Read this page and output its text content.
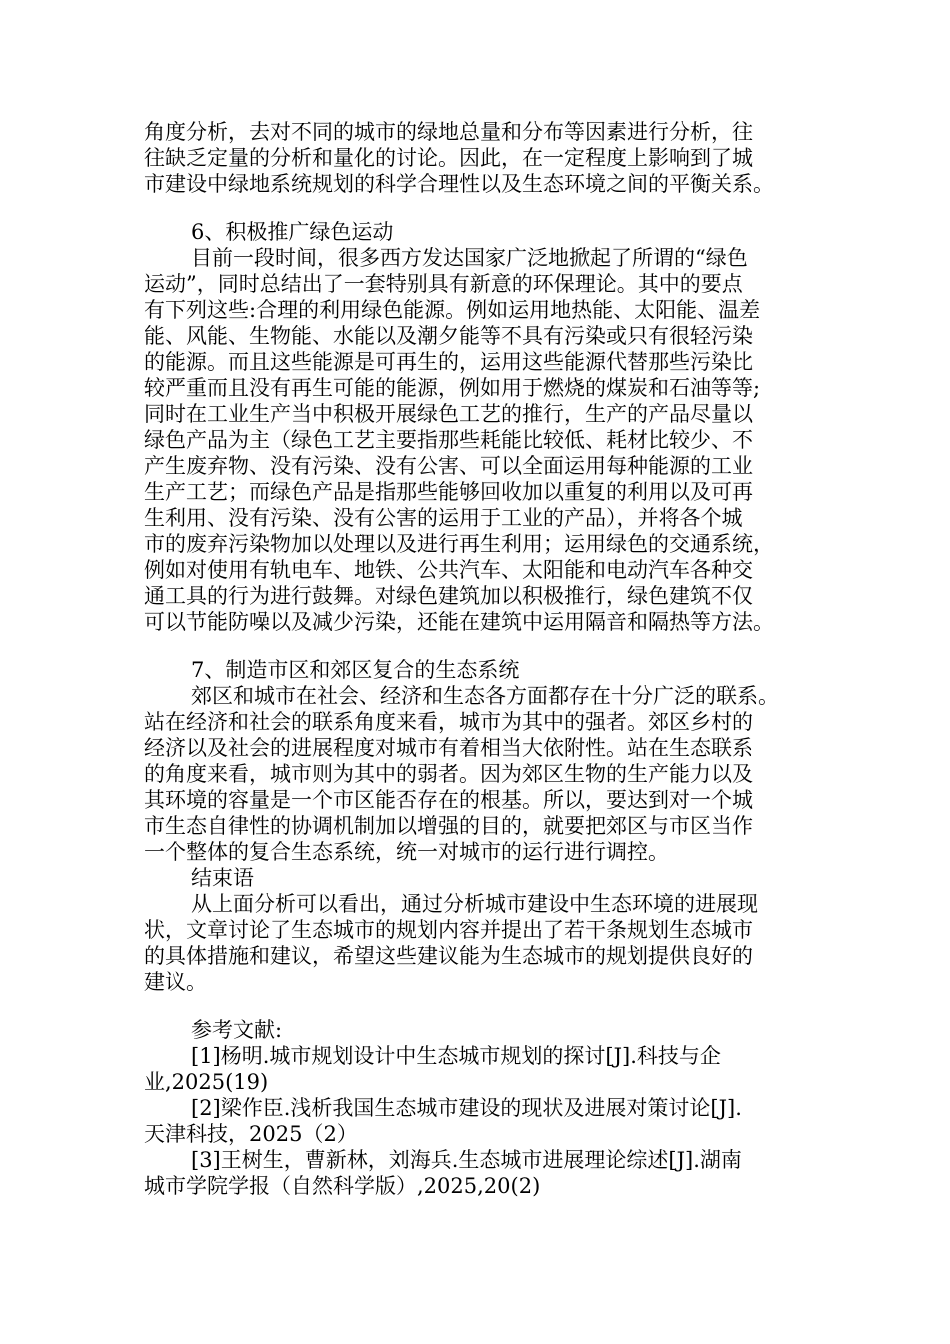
角度分析，去对不同的城市的绿地总量和分布等因素进行分析，往
往缺乏定量的分析和量化的讨论。因此，在一定程度上影响到了城
市建设中绿地系统规划的科学合理性以及生态环境之间的平衡关系。
6、积极推广绿色运动
目前一段时间，很多西方发达国家广泛地掀起了所谓的“绿色
运动”，同时总结出了一套特别具有新意的环保理论。其中的要点
有下列这些:合理的利用绿色能源。例如运用地热能、太阳能、温差
能、风能、生物能、水能以及潮夕能等不具有污染或只有很轻污染
的能源。而且这些能源是可再生的，运用这些能源代替那些污染比
较严重而且没有再生可能的能源，例如用于燃烧的煤炭和石油等等;
同时在工业生产当中积极开展绿色工艺的推行，生产的产品尽量以
绿色产品为主（绿色工艺主要指那些耗能比较低、耗材比较少、不
产生废弃物、没有污染、没有公害、可以全面运用每种能源的工业
生产工艺；而绿色产品是指那些能够回收加以重复的利用以及可再
生利用、没有污染、没有公害的运用于工业的产品），并将各个城
市的废弃污染物加以处理以及进行再生利用；运用绿色的交通系统，
例如对使用有轨电车、地铁、公共汽车、太阳能和电动汽车各种交
通工具的行为进行鼓舞。对绿色建筑加以积极推行，绿色建筑不仅
可以节能防噪以及减少污染，还能在建筑中运用隔音和隔热等方法。
7、制造市区和郊区复合的生态系统
郊区和城市在社会、经济和生态各方面都存在十分广泛的联系。
站在经济和社会的联系角度来看，城市为其中的强者。郊区乡村的
经济以及社会的进展程度对城市有着相当大依附性。站在生态联系
的角度来看，城市则为其中的弱者。因为郊区生物的生产能力以及
其环境的容量是一个市区能否存在的根基。所以，要达到对一个城
市生态自律性的协调机制加以增强的目的，就要把郊区与市区当作
一个整体的复合生态系统，统一对城市的运行进行调控。
结束语
从上面分析可以看出，通过分析城市建设中生态环境的进展现
状，文章讨论了生态城市的规划内容并提出了若干条规划生态城市
的具体措施和建议，希望这些建议能为生态城市的规划提供良好的
建议。
参考文献:
[1]杨明.城市规划设计中生态城市规划的探讨[J].科技与企
业,2025(19)
[2]梁作臣.浅析我国生态城市建设的现状及进展对策讨论[J].
天津科技，2025（2）
[3]王树生，曹新林，刘海兵.生态城市进展理论综述[J].湖南
城市学院学报（自然科学版）,2025,20(2)
